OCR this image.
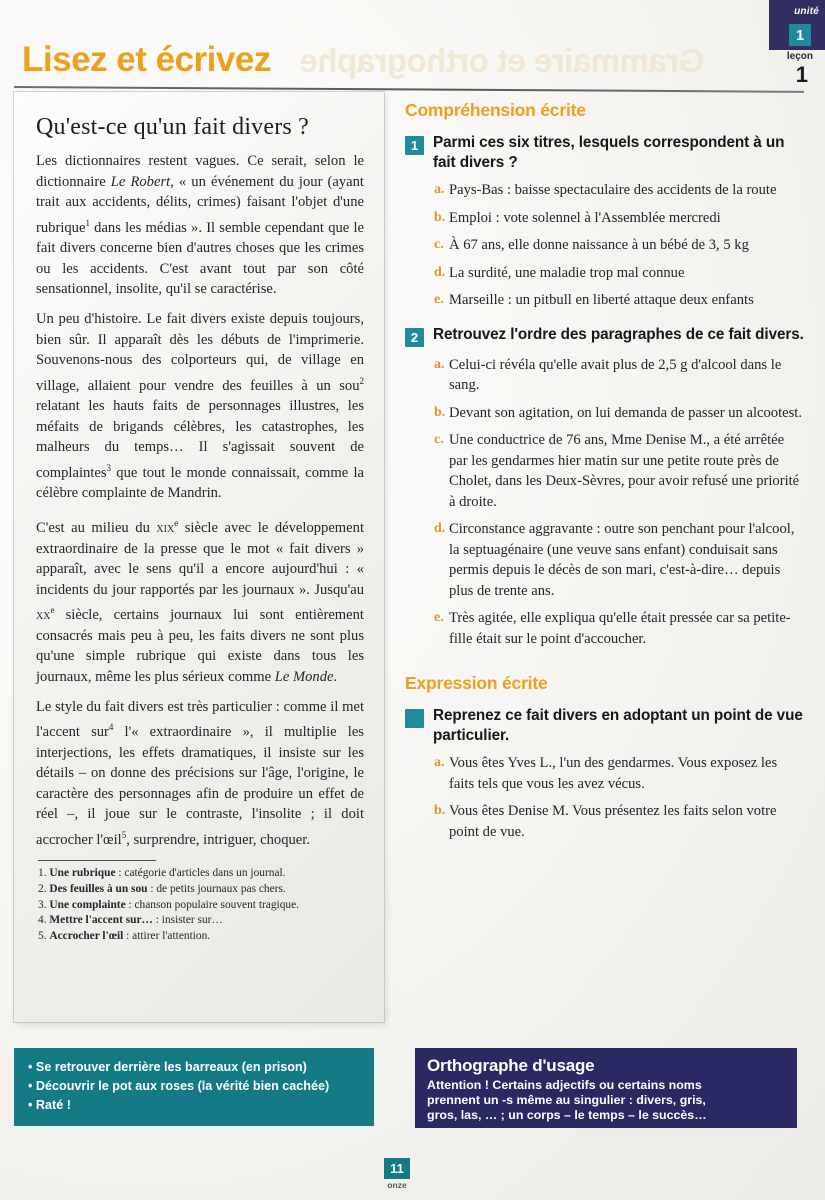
Grammaire et orthographe
Lisez et écrivez
unité
1
leçon
1
Qu'est-ce qu'un fait divers ?

Les dictionnaires restent vagues. Ce serait, selon le dictionnaire Le Robert, « un événement du jour (ayant trait aux accidents, délits, crimes) faisant l'objet d'une rubrique$^1$ dans les médias ». Il semble cependant que le fait divers concerne bien d'autres choses que les crimes ou les accidents. C'est avant tout par son côté sensationnel, insolite, qu'il se caractérise.

Un peu d'histoire. Le fait divers existe depuis toujours, bien sûr. Il apparaît dès les débuts de l'imprimerie. Souvenons-nous des colporteurs qui, de village en village, allaient pour vendre des feuilles à un sou$^2$ relatant les hauts faits de personnages illustres, les méfaits de brigands célèbres, les catastrophes, les malheurs du temps… Il s'agissait souvent de complaintes$^3$ que tout le monde connaissait, comme la célèbre complainte de Mandrin.

C'est au milieu du xix$^e$ siècle avec le développement extraordinaire de la presse que le mot « fait divers » apparaît, avec le sens qu'il a encore aujourd'hui : « incidents du jour rapportés par les journaux ». Jusqu'au $xx^e$ siècle, certains journaux lui sont entièrement consacrés mais peu à peu, les faits divers ne sont plus qu'une simple rubrique qui existe dans tous les journaux, même les plus sérieux comme Le Monde.

Le style du fait divers est très particulier : comme il met l'accent sur$^4$ l'« extraordinaire », il multiplie les interjections, les effets dramatiques, il insiste sur les détails – on donne des précisions sur l'âge, l'origine, le caractère des personnages afin de produire un effet de réel –, il joue sur le contraste, l'insolite ; il doit accrocher l'œil$^5$, surprendre, intriguer, choquer.

1. Une rubrique : catégorie d'articles dans un journal.

2. Des feuilles à un sou : de petits journaux pas chers.

3. Une complainte : chanson populaire souvent tragique.

4. Mettre l'accent sur… : insister sur…

5. Accrocher l'œil : attirer l'attention.

Compréhension écrite
1 Parmi ces six titres, lesquels correspondent à un fait divers ?
a. Pays-Bas : baisse spectaculaire des accidents de la route
b. Emploi : vote solennel à l'Assemblée mercredi
c. À 67 ans, elle donne naissance à un bébé de 3, 5 kg
d. La surdité, une maladie trop mal connue
e. Marseille : un pitbull en liberté attaque deux enfants
2 Retrouvez l'ordre des paragraphes de ce fait divers.
a. Celui-ci révéla qu'elle avait plus de 2,5 g d'alcool dans le sang.
b. Devant son agitation, on lui demanda de passer un alcootest.
c. Une conductrice de 76 ans, Mme Denise M., a été arrêtée par les gendarmes hier matin sur une petite route près de Cholet, dans les Deux-Sèvres, pour avoir refusé une priorité à droite.
d. Circonstance aggravante : outre son penchant pour l'alcool, la septuagénaire (une veuve sans enfant) conduisait sans permis depuis le décès de son mari, c'est-à-dire… depuis plus de trente ans.
e. Très agitée, elle expliqua qu'elle était pressée car sa petite-fille était sur le point d'accoucher.
Expression écrite
Reprenez ce fait divers en adoptant un point de vue particulier.
a. Vous êtes Yves L., l'un des gendarmes. Vous exposez les faits tels que vous les avez vécus.
b. Vous êtes Denise M. Vous présentez les faits selon votre point de vue.
• Se retrouver derrière les barreaux (en prison)
• Découvrir le pot aux roses (la vérité bien cachée)
• Raté !
Orthographe d'usage
Attention ! Certains adjectifs ou certains noms
prennent un -s même au singulier : divers, gris,
gros, las, … ; un corps – le temps – le succès…
11
onze
